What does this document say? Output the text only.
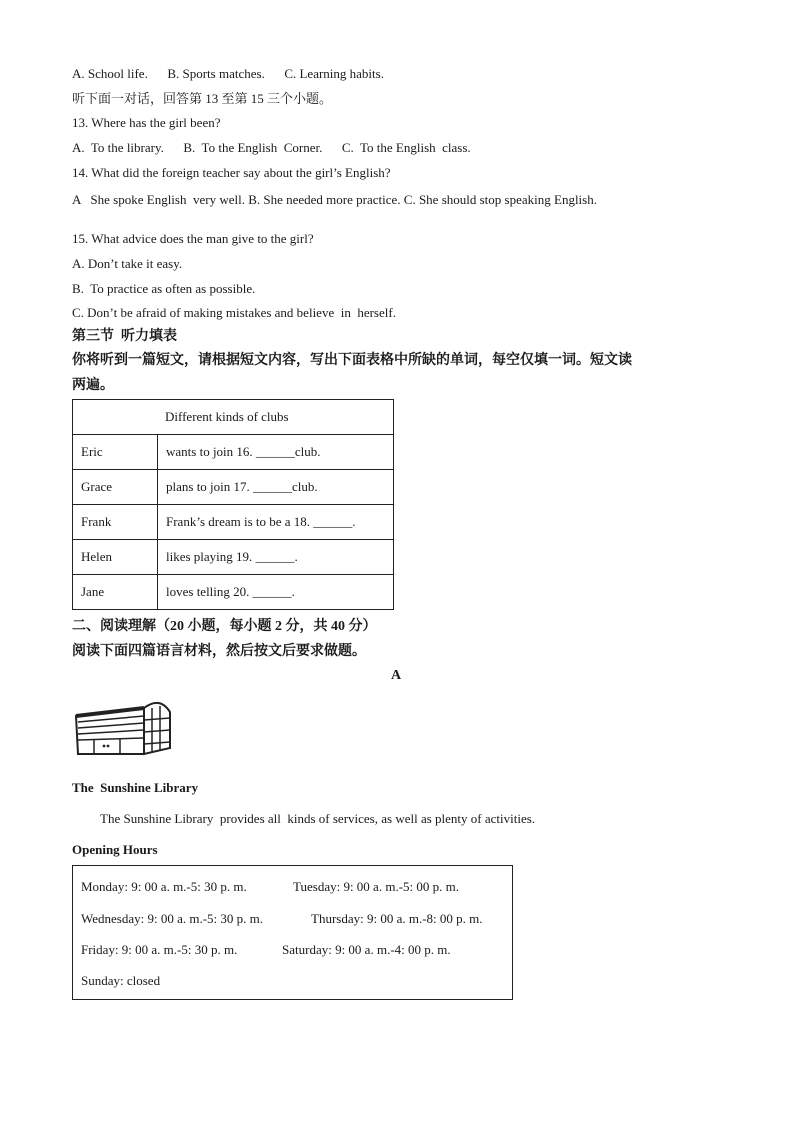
A. School life.      B. Sports matches.      C. Learning habits.
听下面一对话，回答第 13 至第 15 三个小题。
13. Where has the girl been?
A.  To the library.      B.  To the English  Corner.      C.  To the English  class.
14. What did the foreign teacher say about the girl’s English?
A   She spoke English  very well. B. She needed more practice. C. She should stop speaking English.
15. What advice does the man give to the girl?
A. Don’t take it easy.
B.  To practice as often as possible.
C. Don’t be afraid of making mistakes and believe  in  herself.
第三节  听力填表
你将听到一篇短文，请根据短文内容，写出下面表格中所缺的单词，每空仅填一词。短文读
两遍。
Different kinds of clubs	
Eric	wants to join 16. ______club.
Grace	plans to join 17. ______club.
Frank	Frank’s dream is to be a 18. ______.
Helen	likes playing 19. ______.
Jane	loves telling 20. ______.
二、阅读理解（20 小题，每小题 2 分，共 40 分）
阅读下面四篇语言材料，然后按文后要求做题。
A
The  Sunshine Library
The Sunshine Library  provides all  kinds of services, as well as plenty of activities.
Opening Hours
Monday: 9: 00 a. m.-5: 30 p. m.	Tuesday: 9: 00 a. m.-5: 00 p. m.
Wednesday: 9: 00 a. m.-5: 30 p. m.	Thursday: 9: 00 a. m.-8: 00 p. m.
Friday: 9: 00 a. m.-5: 30 p. m.	Saturday: 9: 00 a. m.-4: 00 p. m.
Sunday: closed
